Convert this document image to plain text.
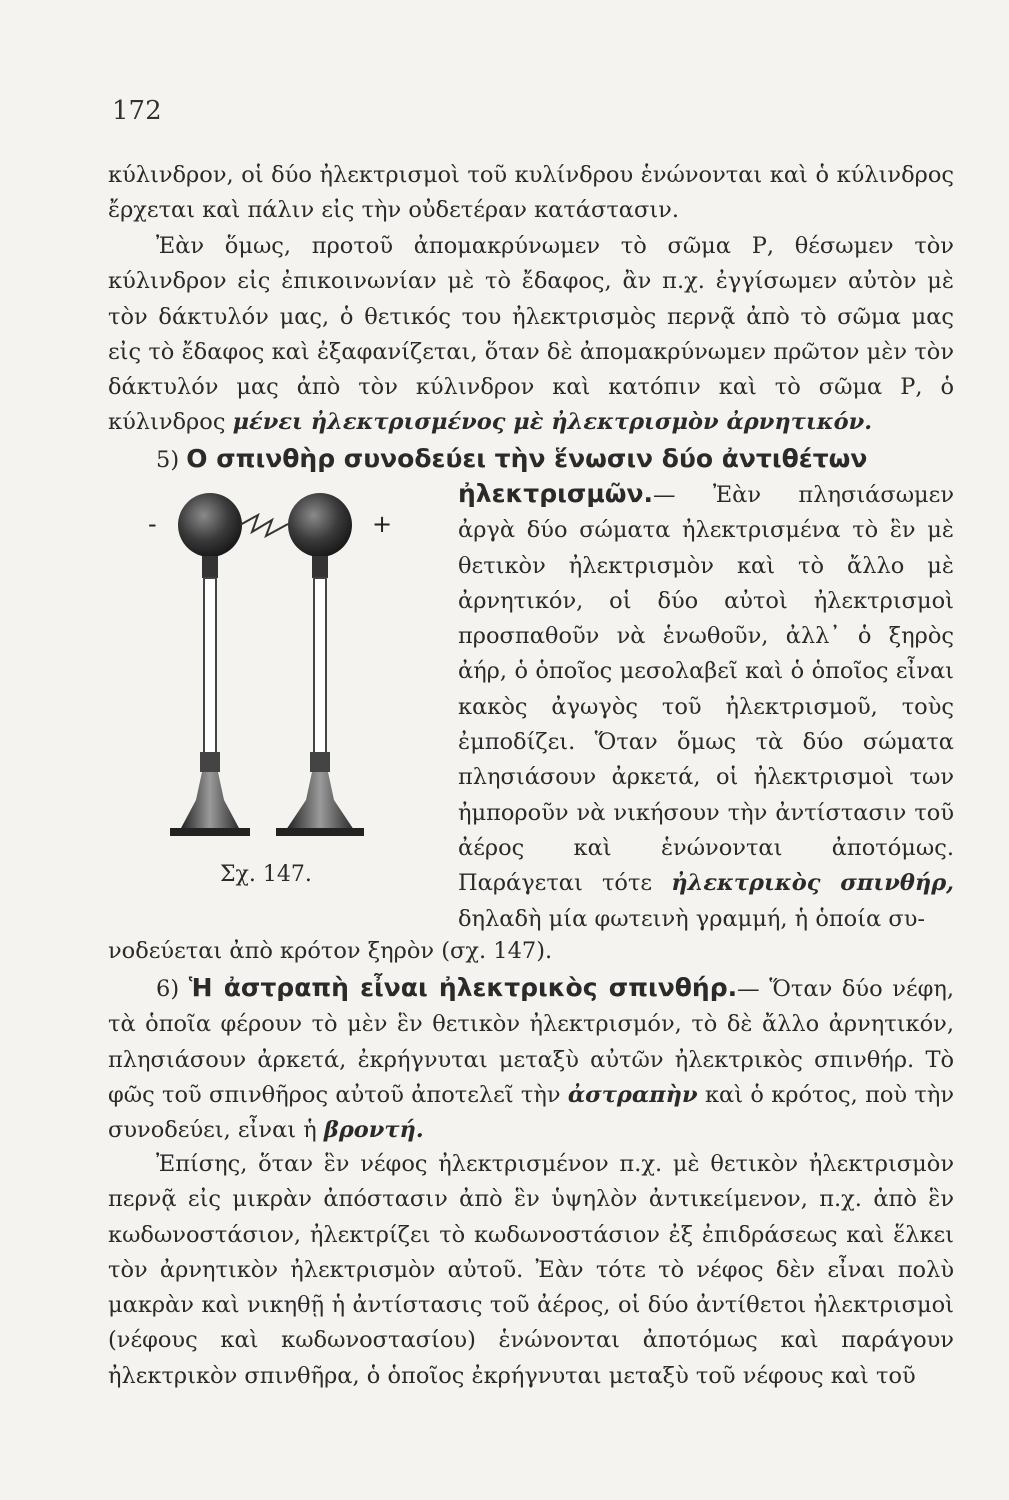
172

κύλινδρον, οἱ δύο ἠλεκτρισμοὶ τοῦ κυλίνδρου ἑνώνονται καὶ ὁ κύλινδρος ἔρχεται καὶ πάλιν εἰς τὴν οὐδετέραν κατάστασιν.

Ἐὰν ὅμως, προτοῦ ἀπομακρύνωμεν τὸ σῶμα Ρ, θέσωμεν τὸν κύλινδρον εἰς ἐπικοινωνίαν μὲ τὸ ἔδαφος, ἂν π.χ. ἐγγίσωμεν αὐτὸν μὲ τὸν δάκτυλόν μας, ὁ θετικός του ἠλεκτρισμὸς περνᾷ ἀπὸ τὸ σῶμα μας εἰς τὸ ἔδαφος καὶ ἐξαφανίζεται, ὅταν δὲ ἀπομακρύνωμεν πρῶτον μὲν τὸν δάκτυλόν μας ἀπὸ τὸν κύλινδρον καὶ κατόπιν καὶ τὸ σῶμα Ρ, ὁ κύλινδρος μένει ἠλεκτρισμένος μὲ ἠλεκτρισμὸν ἀρνητικόν.

5) Ο σπινθὴρ συνοδεύει τὴν ἕνωσιν δύο ἀντιθέτων

ἠλεκτρισμῶν.— Ἐὰν πλησιάσωμεν ἀργὰ δύο σώματα ἠλεκτρισμένα τὸ ἓν μὲ θετικὸν ἠλεκτρισμὸν καὶ τὸ ἄλλο μὲ ἀρνητικόν, οἱ δύο αὐτοὶ ἠλεκτρισμοὶ προσπαθοῦν νὰ ἑνωθοῦν, ἀλλ᾽ ὁ ξηρὸς ἀήρ, ὁ ὁποῖος μεσολαβεῖ καὶ ὁ ὁποῖος εἶναι κακὸς ἀγωγὸς τοῦ ἠλεκτρισμοῦ, τοὺς ἐμποδίζει. Ὅταν ὅμως τὰ δύο σώματα πλησιάσουν ἀρκετά, οἱ ἠλεκτρισμοὶ των ἠμποροῦν νὰ νικήσουν τὴν ἀντίστασιν τοῦ ἀέρος καὶ ἑνώνονται ἀποτόμως. Παράγεται τότε ἠλεκτρικὸς σπινθήρ, δηλαδὴ μία φωτεινὴ γραμμή, ἡ ὁποία συ-

νοδεύεται ἀπὸ κρότον ξηρὸν (σχ. 147).

-	+
Σχ. 147.
6) Ἡ ἀστραπὴ εἶναι ἠλεκτρικὸς σπινθήρ.— Ὅταν δύο νέφη, τὰ ὁποῖα φέρουν τὸ μὲν ἓν θετικὸν ἠλεκτρισμόν, τὸ δὲ ἄλλο ἀρνητικόν, πλησιάσουν ἀρκετά, ἐκρήγνυται μεταξὺ αὐτῶν ἠλεκτρικὸς σπινθήρ. Τὸ φῶς τοῦ σπινθῆρος αὐτοῦ ἀποτελεῖ τὴν ἀστραπὴν καὶ ὁ κρότος, ποὺ τὴν συνοδεύει, εἶναι ἡ βροντή.

Ἐπίσης, ὅταν ἓν νέφος ἠλεκτρισμένον π.χ. μὲ θετικὸν ἠλεκτρισμὸν περνᾷ εἰς μικρὰν ἀπόστασιν ἀπὸ ἓν ὑψηλὸν ἀντικείμενον, π.χ. ἀπὸ ἓν κωδωνοστάσιον, ἠλεκτρίζει τὸ κωδωνοστάσιον ἐξ ἐπιδράσεως καὶ ἕλκει τὸν ἀρνητικὸν ἠλεκτρισμὸν αὐτοῦ. Ἐὰν τότε τὸ νέφος δὲν εἶναι πολὺ μακρὰν καὶ νικηθῇ ἡ ἀντίστασις τοῦ ἀέρος, οἱ δύο ἀντίθετοι ἠλεκτρισμοὶ (νέφους καὶ κωδωνοστασίου) ἑνώνονται ἀποτόμως καὶ παράγουν ἠλεκτρικὸν σπινθῆρα, ὁ ὁποῖος ἐκρήγνυται μεταξὺ τοῦ νέφους καὶ τοῦ
